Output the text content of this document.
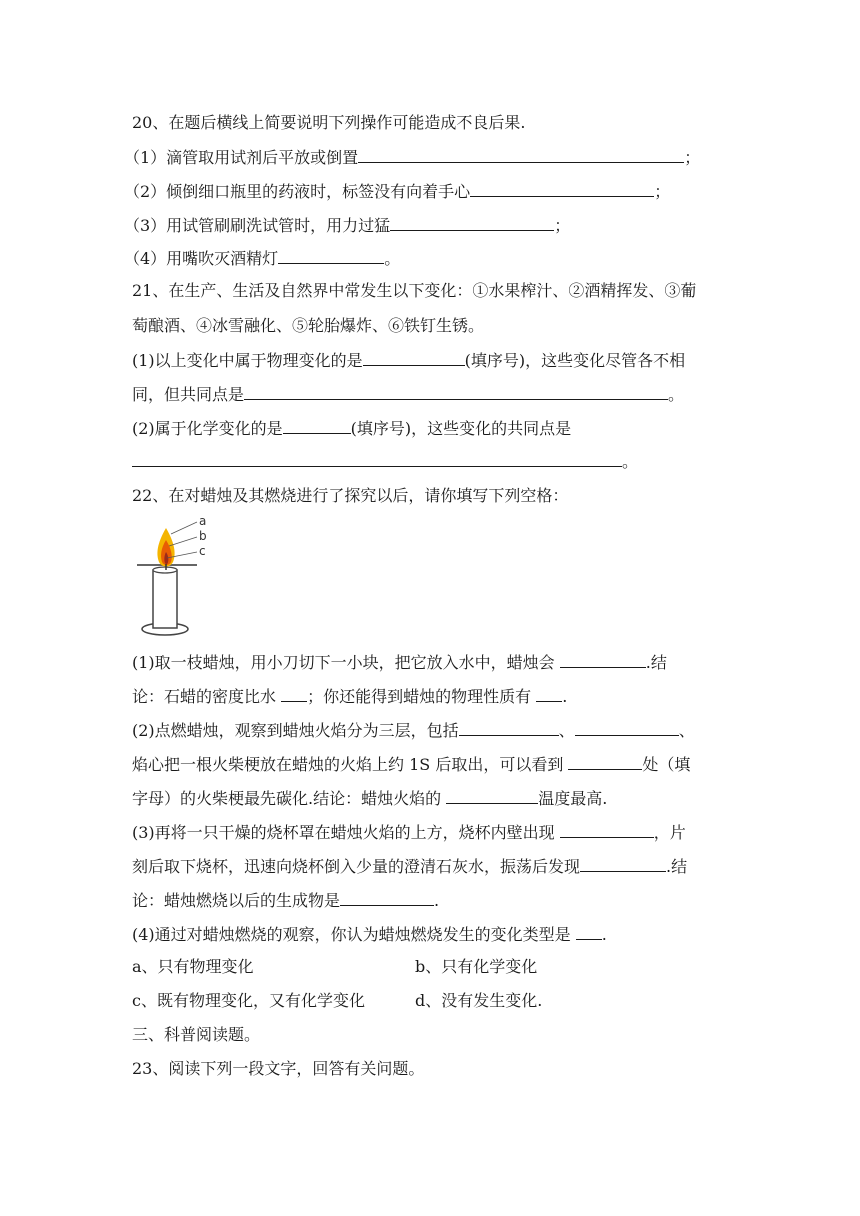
20、在题后横线上简要说明下列操作可能造成不良后果.
（1）滴管取用试剂后平放或倒置	；
（2）倾倒细口瓶里的药液时，标签没有向着手心	；
（3）用试管刷刷洗试管时，用力过猛	；
（4）用嘴吹灭酒精灯	。
21、在生产、生活及自然界中常发生以下变化：①水果榨汁、②酒精挥发、③葡
萄酿酒、④冰雪融化、⑤轮胎爆炸、⑥铁钉生锈。
(1)以上变化中属于物理变化的是	(填序号)，这些变化尽管各不相
同，但共同点是	。
(2)属于化学变化的是	(填序号)，这些变化的共同点是
。
22、在对蜡烛及其燃烧进行了探究以后，请你填写下列空格：
a
b
c
(1)取一枝蜡烛，用小刀切下一小块，把它放入水中，蜡烛会	.结
论：石蜡的密度比水 ；你还能得到蜡烛的物理性质有 .
(2)点燃蜡烛，观察到蜡烛火焰分为三层，包括	、	、
焰心把一根火柴梗放在蜡烛的火焰上约 1S 后取出，可以看到	处（填
字母）的火柴梗最先碳化.结论：蜡烛火焰的	温度最高.
(3)再将一只干燥的烧杯罩在蜡烛火焰的上方，烧杯内壁出现	，片
刻后取下烧杯，迅速向烧杯倒入少量的澄清石灰水，振荡后发现	.结
论：蜡烛燃烧以后的生成物是	.
(4)通过对蜡烛燃烧的观察，你认为蜡烛燃烧发生的变化类型是 .
a、只有物理变化	b、只有化学变化
c、既有物理变化，又有化学变化	d、没有发生变化.
三、科普阅读题。
23、阅读下列一段文字，回答有关问题。
